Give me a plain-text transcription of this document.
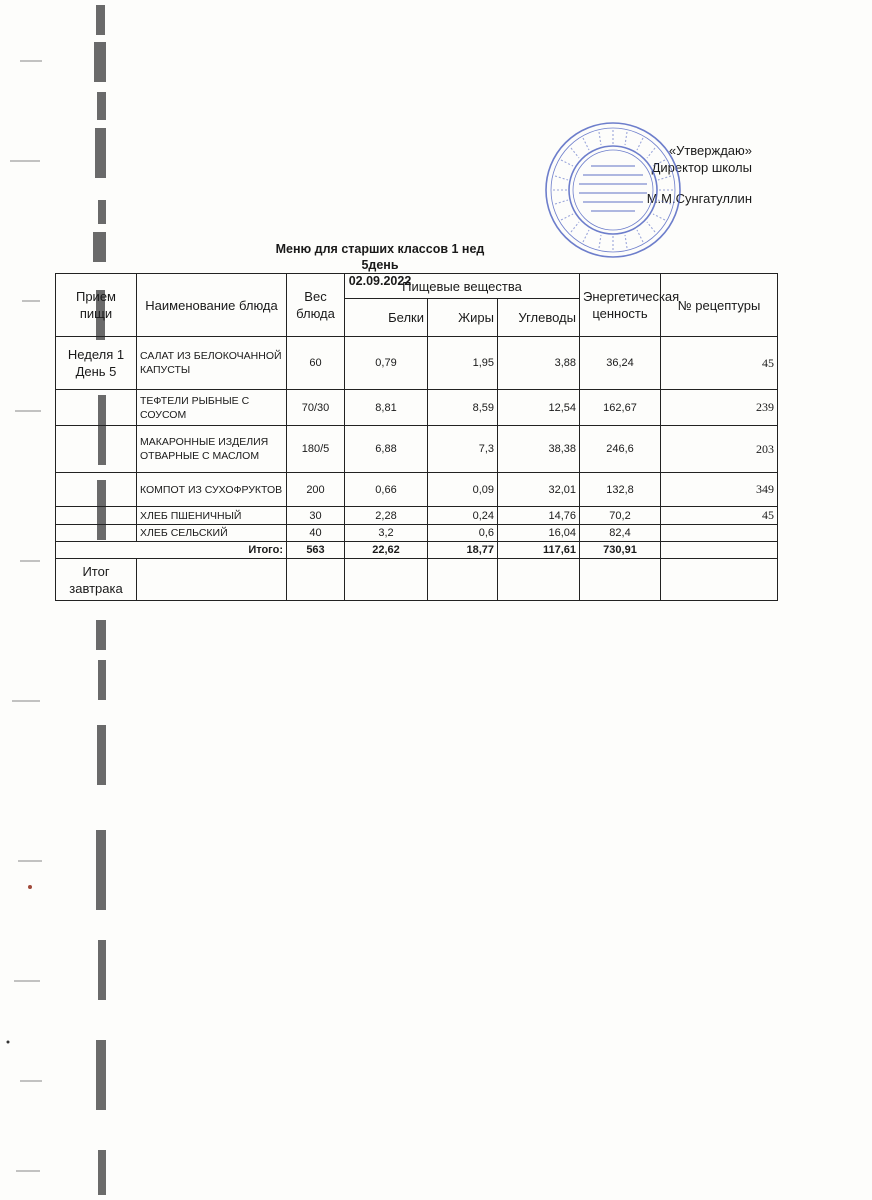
«Утверждаю»
Директор школы
М.М.Сунгатуллин
Меню для старших классов 1 нед 5день
02.09.2022
Прием пищи	Наименование блюда	Вес блюда	Пищевые вещества			Энергетическая ценность	№ рецептуры
			Белки	Жиры	Углеводы		
Неделя 1 День 5	САЛАТ ИЗ БЕЛОКОЧАННОЙ КАПУСТЫ	60	0,79	1,95	3,88	36,24	45
	ТЕФТЕЛИ РЫБНЫЕ С СОУСОМ	70/30	8,81	8,59	12,54	162,67	239
	МАКАРОННЫЕ ИЗДЕЛИЯ ОТВАРНЫЕ С МАСЛОМ	180/5	6,88	7,3	38,38	246,6	203
	КОМПОТ ИЗ СУХОФРУКТОВ	200	0,66	0,09	32,01	132,8	349
	ХЛЕБ ПШЕНИЧНЫЙ	30	2,28	0,24	14,76	70,2	45
	ХЛЕБ СЕЛЬСКИЙ	40	3,2	0,6	16,04	82,4	
Итого:		563	22,62	18,77	117,61	730,91	
Итог завтрака							
